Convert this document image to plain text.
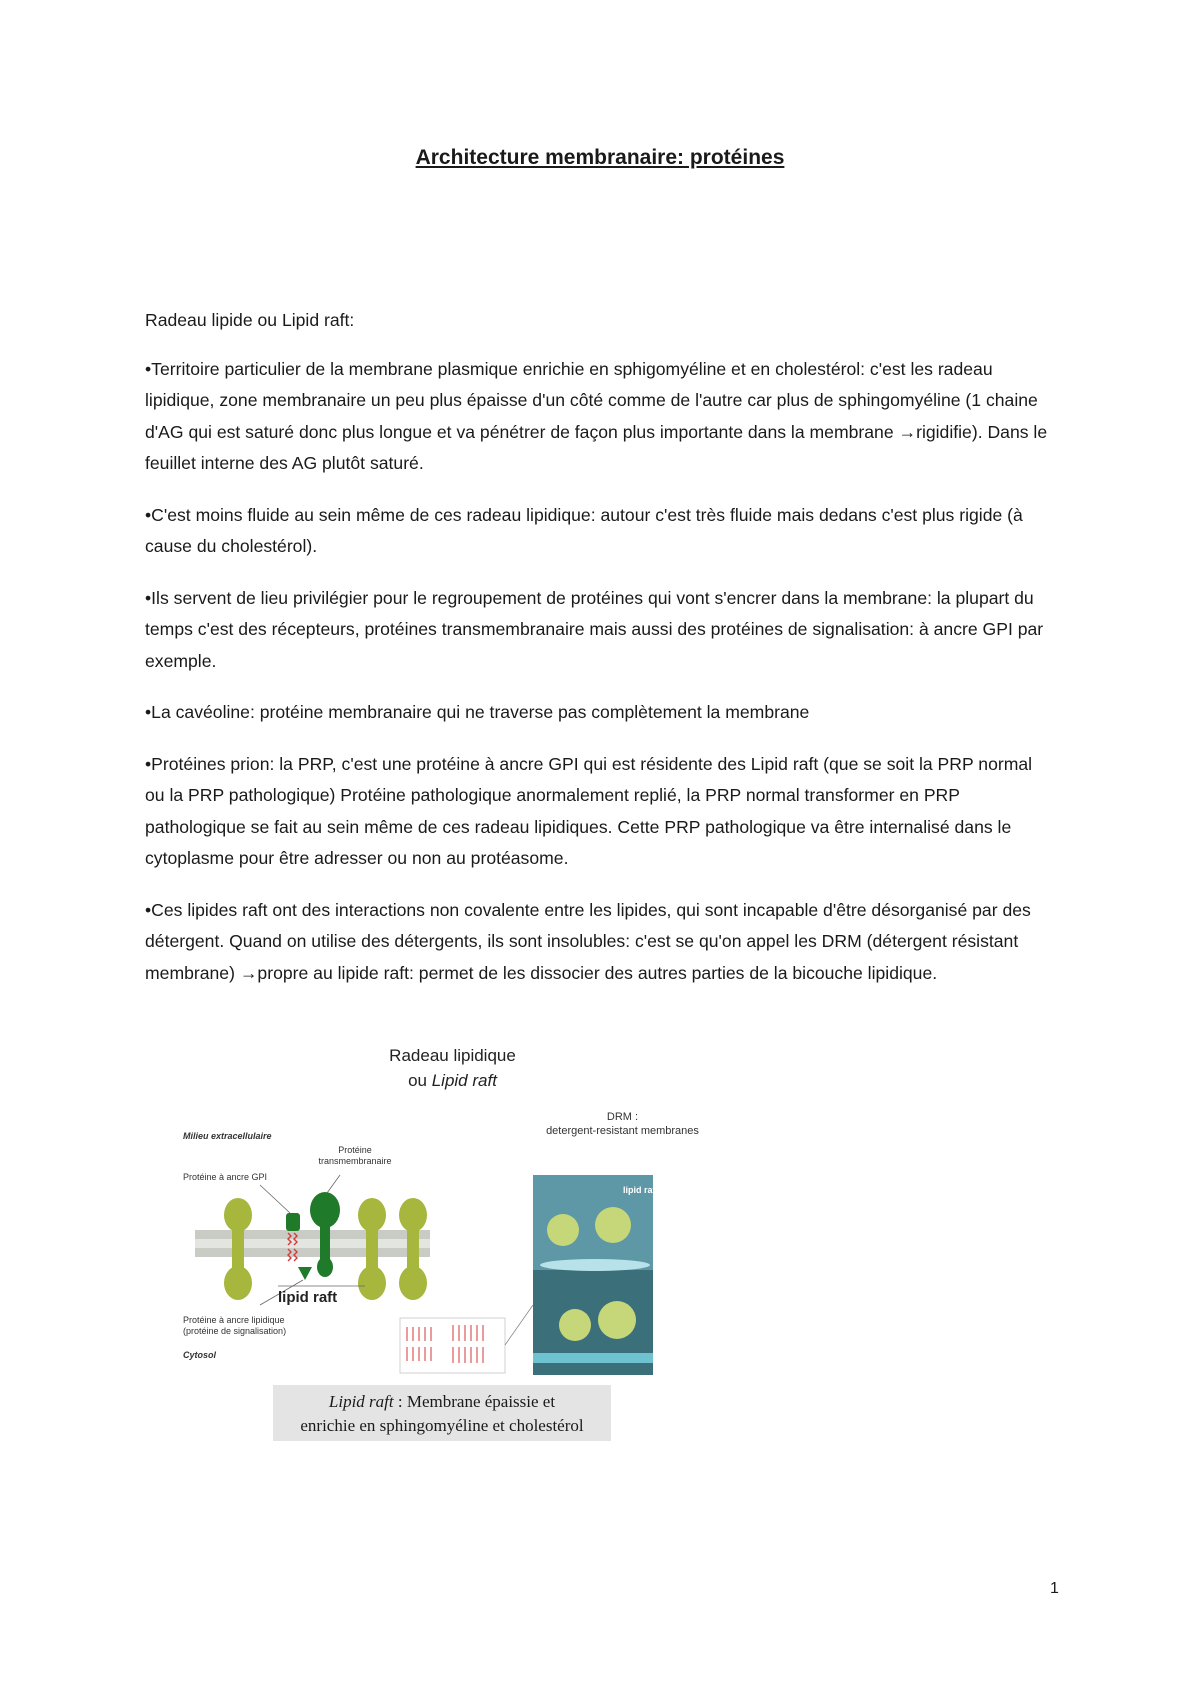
Architecture membranaire: protéines

Radeau lipide ou Lipid raft:

•Territoire particulier de la membrane plasmique enrichie en sphigomyéline et en cholestérol: c'est les radeau lipidique, zone membranaire un peu plus épaisse d'un côté comme de l'autre car plus de sphingomyéline (1 chaine d'AG qui est saturé donc plus longue et va pénétrer de façon plus importante dans la membrane →rigidifie). Dans le feuillet interne des AG plutôt saturé.

•C'est moins fluide au sein même de ces radeau lipidique: autour c'est très fluide mais dedans c'est plus rigide (à cause du cholestérol).

•Ils servent de lieu privilégier pour le regroupement de protéines qui vont s'encrer dans la membrane: la plupart du temps c'est des récepteurs, protéines transmembranaire mais aussi des protéines de signalisation: à ancre GPI par exemple.

•La cavéoline: protéine membranaire qui ne traverse pas complètement la membrane

•Protéines prion: la PRP, c'est une protéine à ancre GPI qui est résidente des Lipid raft (que se soit la PRP normal ou la PRP pathologique) Protéine pathologique anormalement replié, la PRP normal transformer en PRP pathologique se fait au sein même de ces radeau lipidiques. Cette PRP pathologique va être internalisé dans le cytoplasme pour être adresser ou non au protéasome.

•Ces lipides raft ont des interactions non covalente entre les lipides, qui sont incapable d'être désorganisé par des détergent. Quand on utilise des détergents, ils sont insolubles: c'est se qu'on appel les DRM (détergent résistant membrane) →propre au lipide raft: permet de les dissocier des autres parties de la bicouche lipidique.

Radeau lipidique
ou Lipid raft
Milieu extracellulaire
Protéine à ancre GPI
Protéine
transmembranaire
DRM :
detergent-resistant membranes
lipid raft
lipid raft
Protéine à ancre lipidique
(protéine de signalisation)
Cytosol
Lipid raft : Membrane épaissie et
enrichie en sphingomyéline et cholestérol
1
